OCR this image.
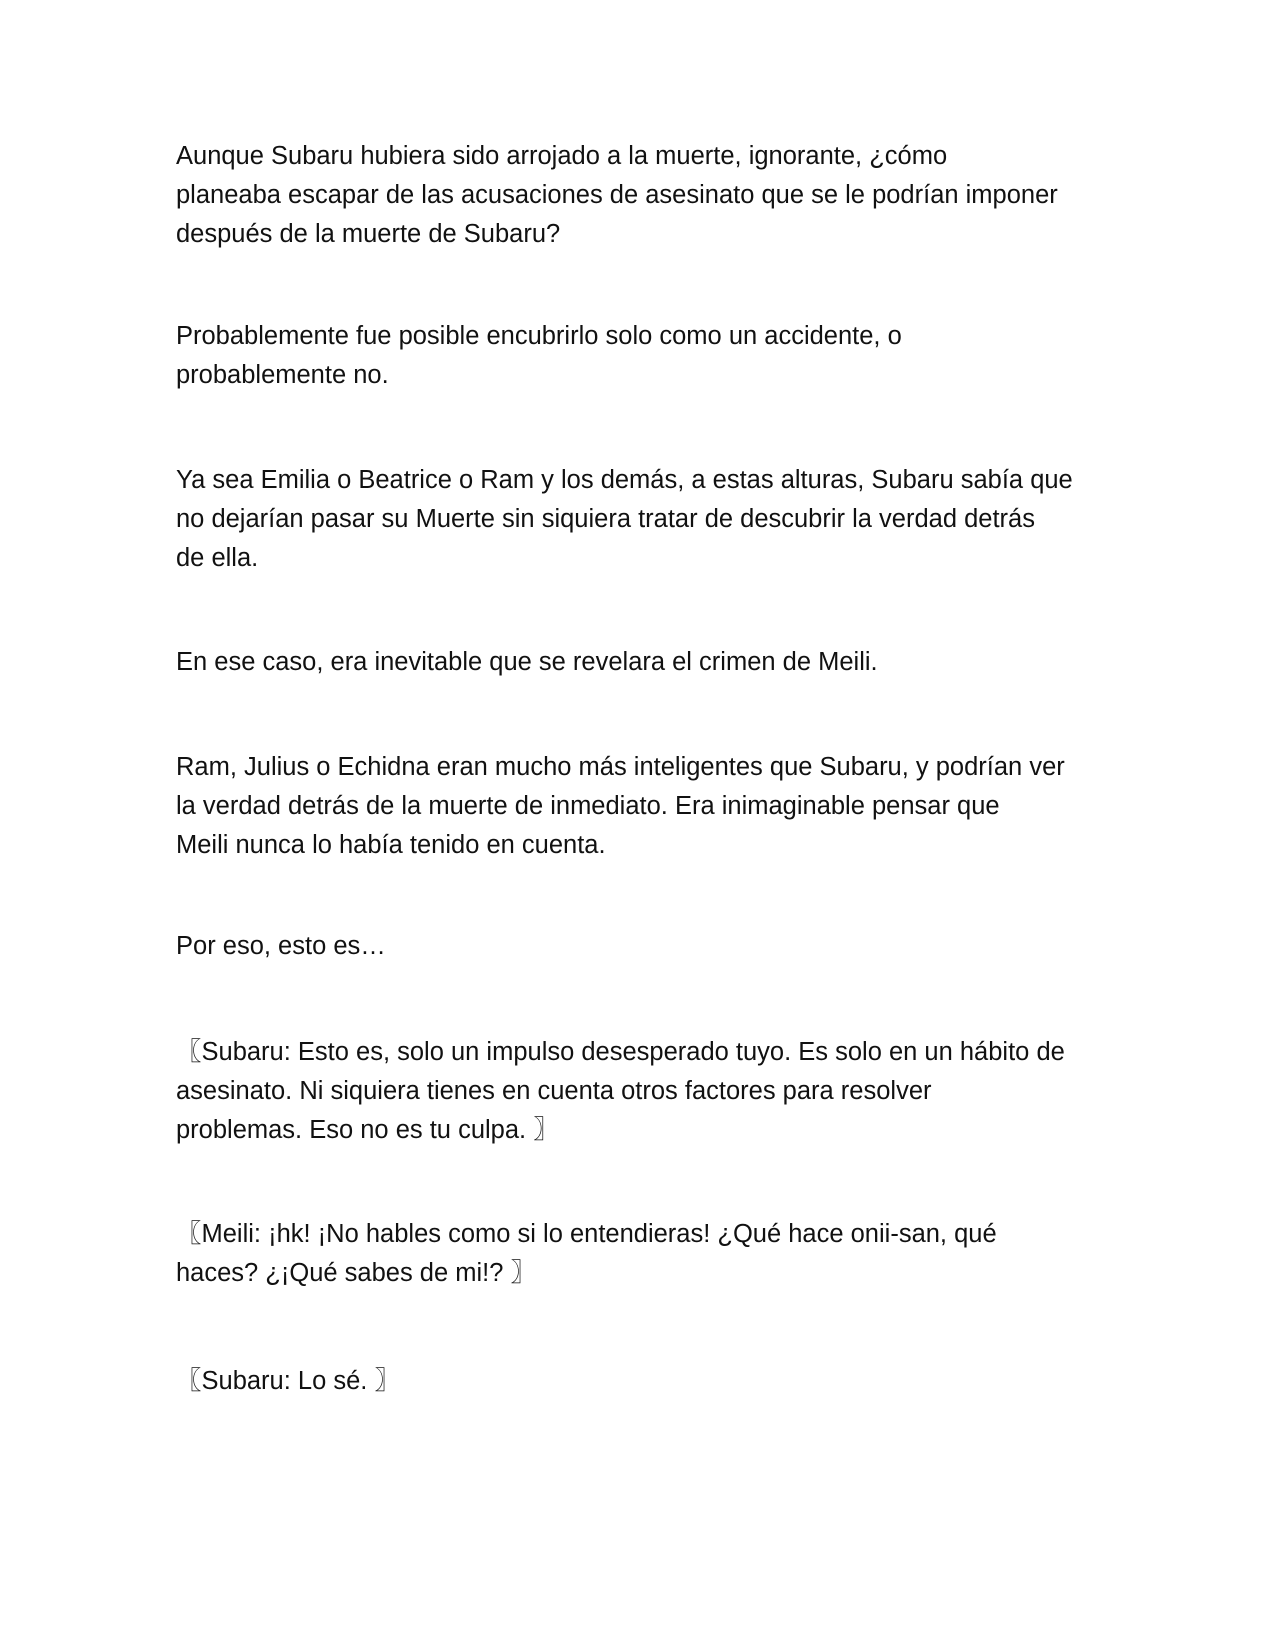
Aunque Subaru hubiera sido arrojado a la muerte, ignorante, ¿cómo
planeaba escapar de las acusaciones de asesinato que se le podrían imponer
después de la muerte de Subaru?

Probablemente fue posible encubrirlo solo como un accidente, o
probablemente no.

Ya sea Emilia o Beatrice o Ram y los demás, a estas alturas, Subaru sabía que
no dejarían pasar su Muerte sin siquiera tratar de descubrir la verdad detrás
de ella.

En ese caso, era inevitable que se revelara el crimen de Meili.

Ram, Julius o Echidna eran mucho más inteligentes que Subaru, y podrían ver
la verdad detrás de la muerte de inmediato. Era inimaginable pensar que
Meili nunca lo había tenido en cuenta.

Por eso, esto es…

〖Subaru: Esto es, solo un impulso desesperado tuyo. Es solo en un hábito de
asesinato. Ni siquiera tienes en cuenta otros factores para resolver
problemas. Eso no es tu culpa. 〗

〖Meili: ¡hk! ¡No hables como si lo entendieras! ¿Qué hace onii-san, qué
haces? ¿¡Qué sabes de mi!? 〗

〖Subaru: Lo sé. 〗
